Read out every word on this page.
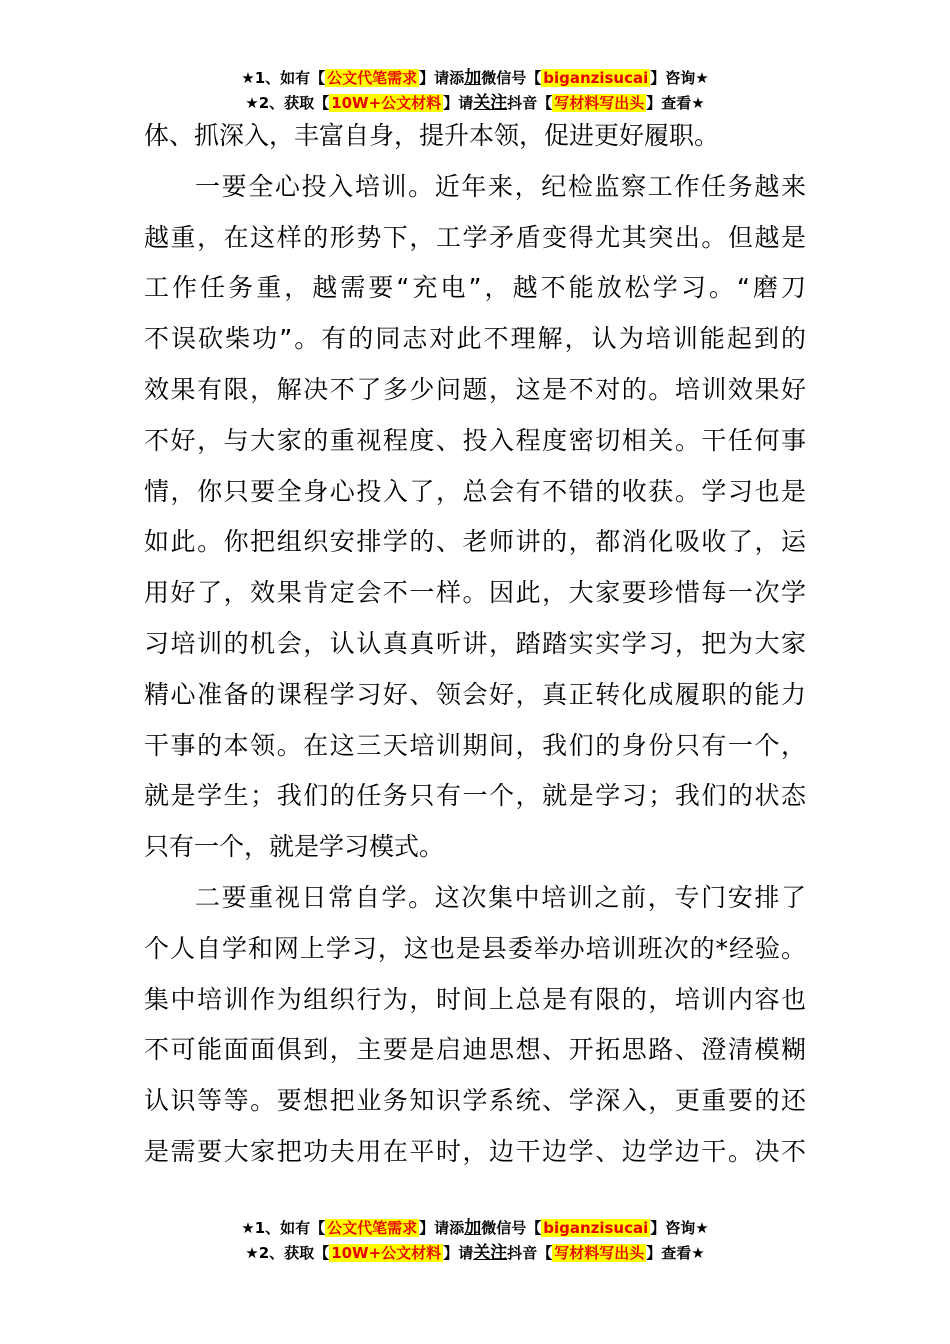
★1、如有【 公文代笔需求 】请添加微信号【 biganzisucai 】咨询★
★2、获取【 10W+公文材料 】请关注抖音【 写材料写出头 】查看★
体、抓深入，丰富自身，提升本领，促进更好履职。
一要全心投入培训。近年来，纪检监察工作任务越来
越重，在这样的形势下，工学矛盾变得尤其突出。但越是
工作任务重，越需要“充电”，越不能放松学习。“磨刀
不误砍柴功”。有的同志对此不理解，认为培训能起到的
效果有限，解决不了多少问题，这是不对的。培训效果好
不好，与大家的重视程度、投入程度密切相关。干任何事
情，你只要全身心投入了，总会有不错的收获。学习也是
如此。你把组织安排学的、老师讲的，都消化吸收了，运
用好了，效果肯定会不一样。因此，大家要珍惜每一次学
习培训的机会，认认真真听讲，踏踏实实学习，把为大家
精心准备的课程学习好、领会好，真正转化成履职的能力
干事的本领。在这三天培训期间，我们的身份只有一个，
就是学生；我们的任务只有一个，就是学习；我们的状态
只有一个，就是学习模式。
二要重视日常自学。这次集中培训之前，专门安排了
个人自学和网上学习，这也是县委举办培训班次的*经验。
集中培训作为组织行为，时间上总是有限的，培训内容也
不可能面面俱到，主要是启迪思想、开拓思路、澄清模糊
认识等等。要想把业务知识学系统、学深入，更重要的还
是需要大家把功夫用在平时，边干边学、边学边干。决不
★1、如有【 公文代笔需求 】请添加微信号【 biganzisucai 】咨询★
★2、获取【 10W+公文材料 】请关注抖音【 写材料写出头 】查看★
